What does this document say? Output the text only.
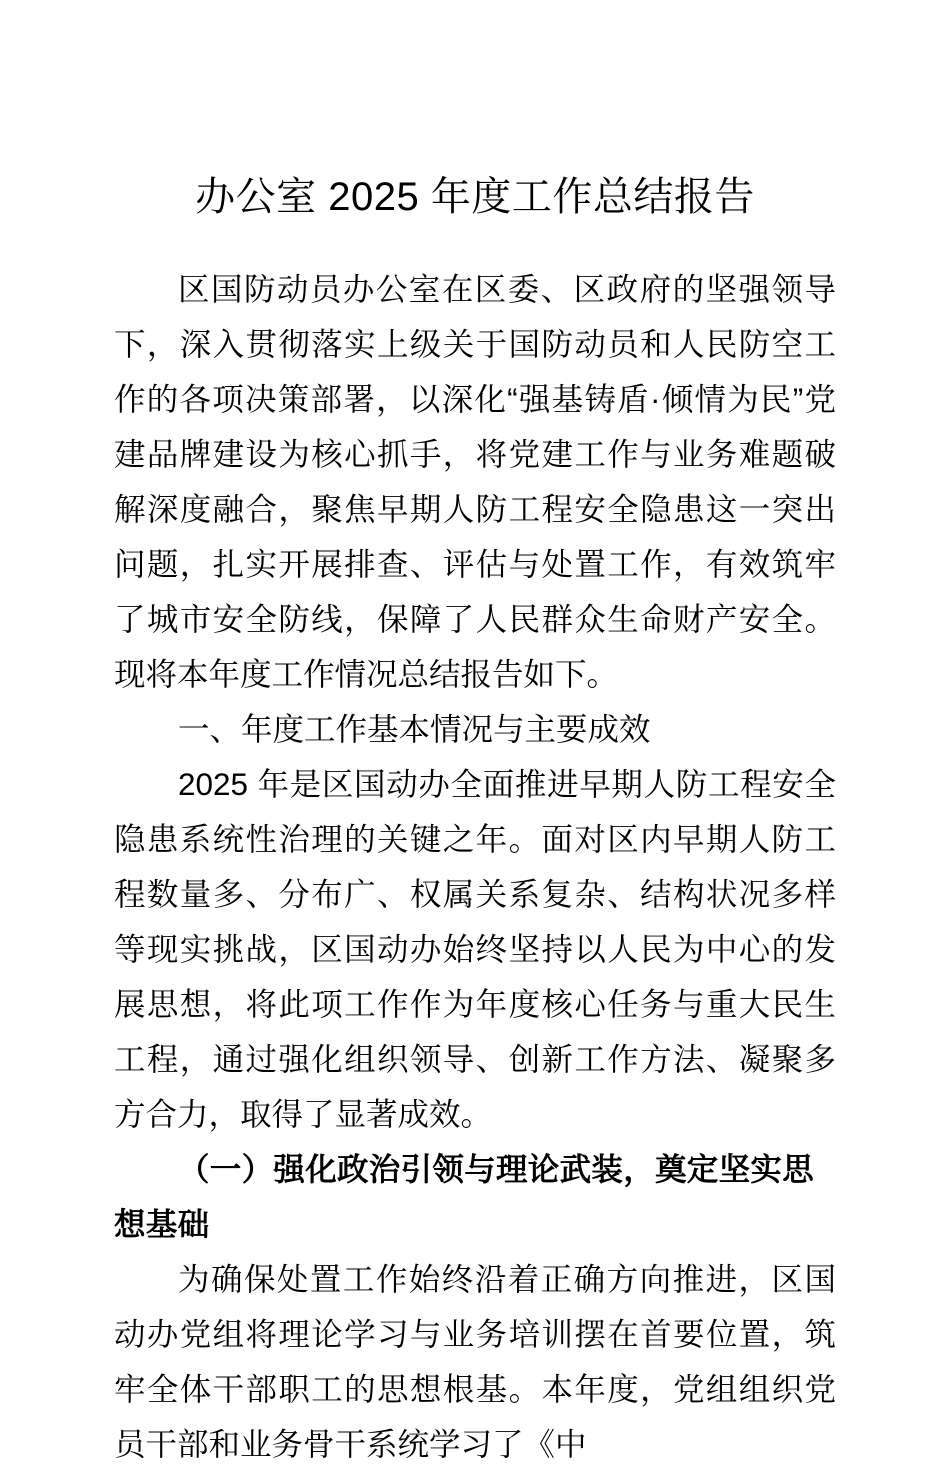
办公室 2025 年度工作总结报告

区国防动员办公室在区委、区政府的坚强领导下，深入贯彻落实上级关于国防动员和人民防空工作的各项决策部署，以深化“强基铸盾·倾情为民”党建品牌建设为核心抓手，将党建工作与业务难题破解深度融合，聚焦早期人防工程安全隐患这一突出问题，扎实开展排查、评估与处置工作，有效筑牢了城市安全防线，保障了人民群众生命财产安全。现将本年度工作情况总结报告如下。

一、年度工作基本情况与主要成效

2025 年是区国动办全面推进早期人防工程安全隐患系统性治理的关键之年。面对区内早期人防工程数量多、分布广、权属关系复杂、结构状况多样等现实挑战，区国动办始终坚持以人民为中心的发展思想，将此项工作作为年度核心任务与重大民生工程，通过强化组织领导、创新工作方法、凝聚多方合力，取得了显著成效。

（一）强化政治引领与理论武装，奠定坚实思想基础

为确保处置工作始终沿着正确方向推进，区国动办党组将理论学习与业务培训摆在首要位置，筑牢全体干部职工的思想根基。本年度，党组组织党员干部和业务骨干系统学习了《中
